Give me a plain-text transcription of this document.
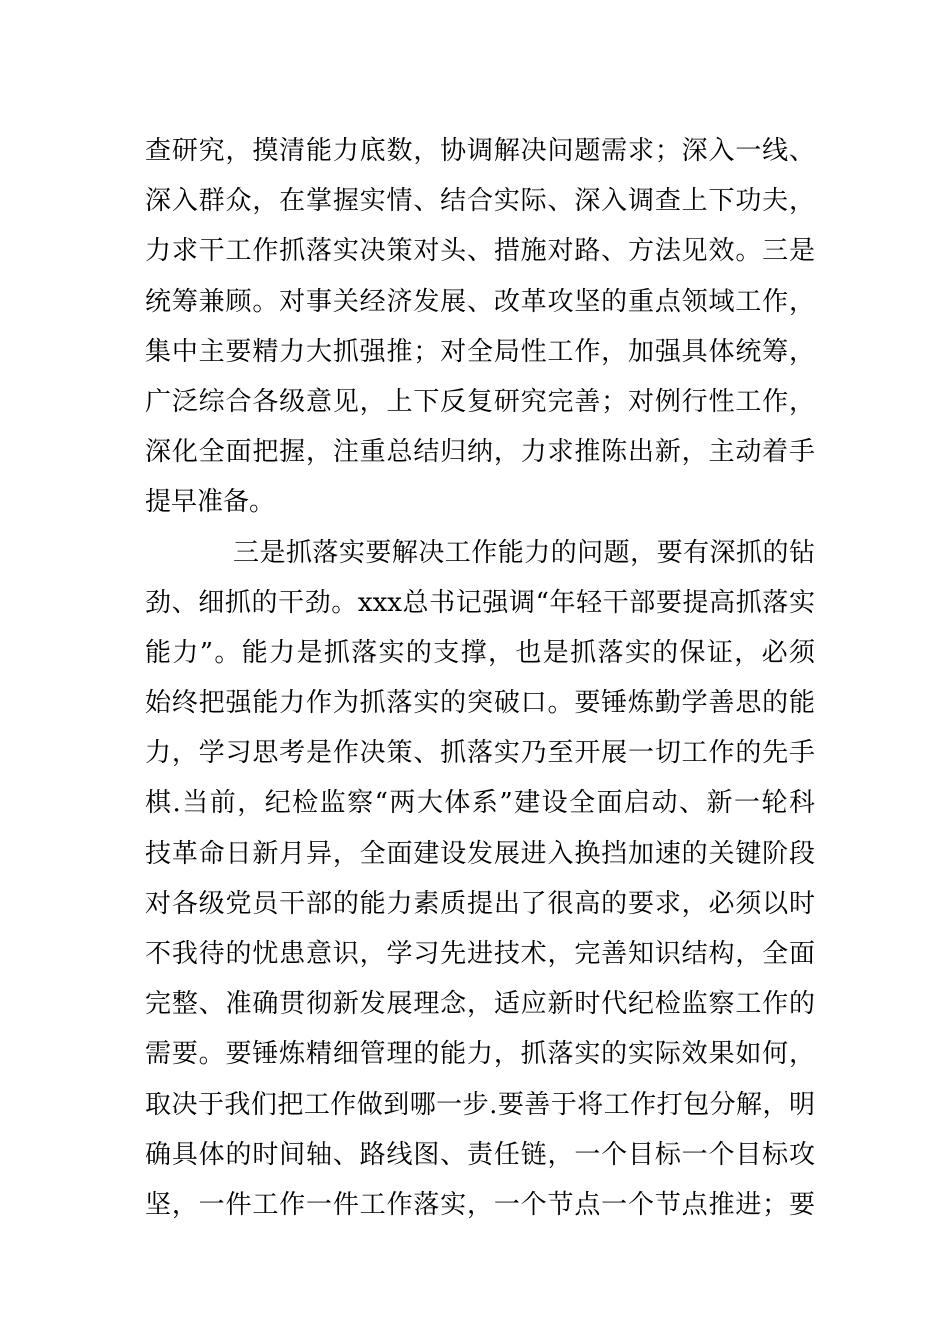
查研究，摸清能力底数，协调解决问题需求；深入一线、
深入群众，在掌握实情、结合实际、深入调查上下功夫，
力求干工作抓落实决策对头、措施对路、方法见效。三是
统筹兼顾。对事关经济发展、改革攻坚的重点领域工作，
集中主要精力大抓强推；对全局性工作，加强具体统筹，
广泛综合各级意见，上下反复研究完善；对例行性工作，
深化全面把握，注重总结归纳，力求推陈出新，主动着手
提早准备。
三是抓落实要解决工作能力的问题，要有深抓的钻
劲、细抓的干劲。xxx总书记强调“年轻干部要提高抓落实
能力”。能力是抓落实的支撑，也是抓落实的保证，必须
始终把强能力作为抓落实的突破口。要锤炼勤学善思的能
力，学习思考是作决策、抓落实乃至开展一切工作的先手
棋.当前，纪检监察“两大体系”建设全面启动、新一轮科
技革命日新月异，全面建设发展进入换挡加速的关键阶段
对各级党员干部的能力素质提出了很高的要求，必须以时
不我待的忧患意识，学习先进技术，完善知识结构，全面
完整、准确贯彻新发展理念，适应新时代纪检监察工作的
需要。要锤炼精细管理的能力，抓落实的实际效果如何，
取决于我们把工作做到哪一步.要善于将工作打包分解，明
确具体的时间轴、路线图、责任链，一个目标一个目标攻
坚，一件工作一件工作落实，一个节点一个节点推进；要
